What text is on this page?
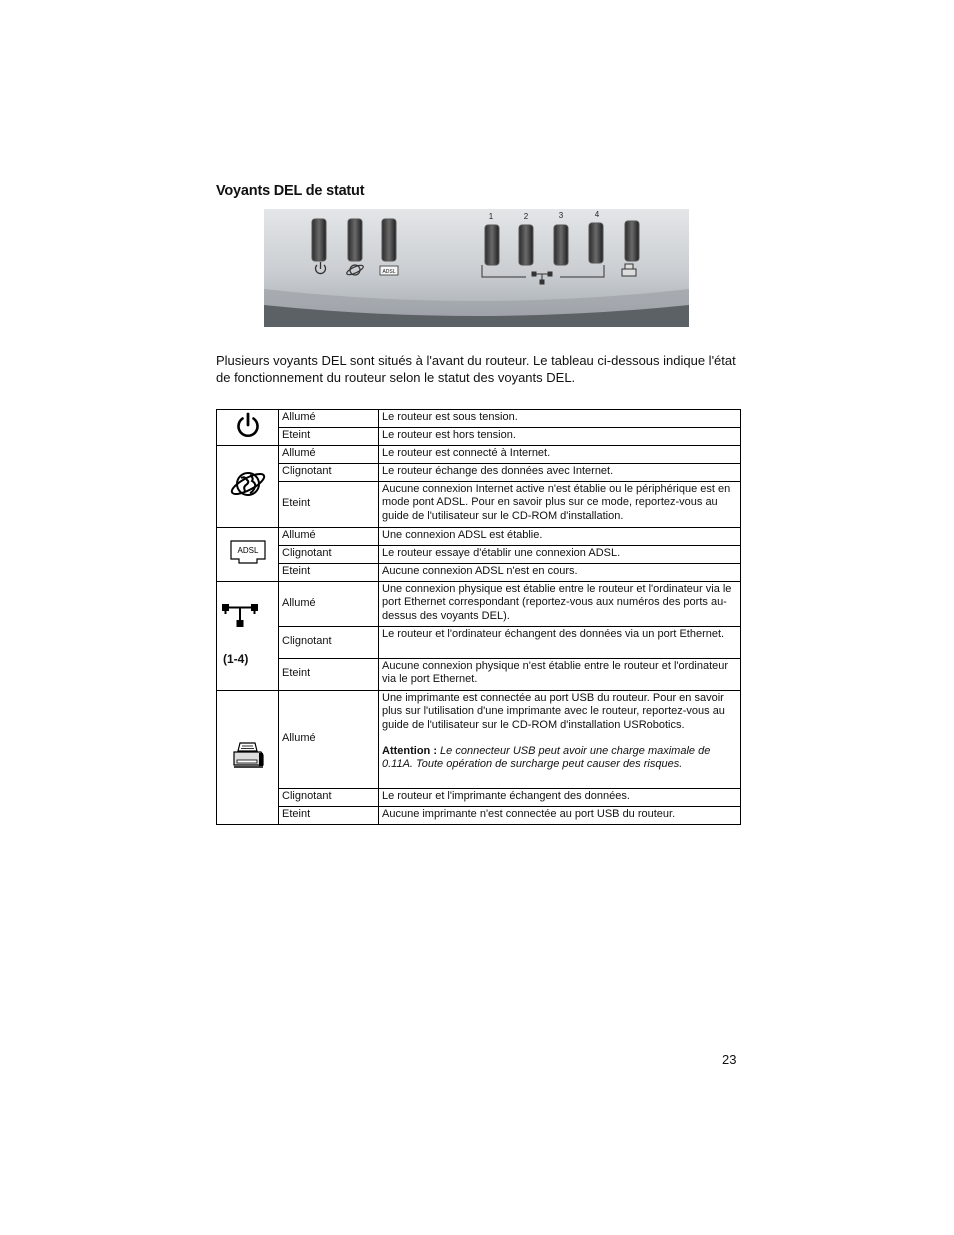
Voyants DEL de statut
1	2	3	4
ADSL
Plusieurs voyants DEL sont situés à l'avant du routeur. Le tableau ci-dessous indique l'état de fonctionnement du routeur selon le statut des voyants DEL.
	Allumé	Le routeur est sous tension.
	Eteint	Le routeur est hors tension.
	Allumé	Le routeur est connecté à Internet.
	Clignotant	Le routeur échange des données avec Internet.
	Eteint	Aucune connexion Internet active n'est établie ou le périphérique est en mode pont ADSL. Pour en savoir plus sur ce mode, reportez-vous au guide de l'utilisateur sur le CD-ROM d'installation.

ADSL	Allumé	Une connexion ADSL est établie.
	Clignotant	Le routeur essaye d'établir une connexion ADSL.
	Eteint	Aucune connexion ADSL n'est en cours.

(1-4)	Allumé	Une connexion physique est établie entre le routeur et l'ordinateur via le port Ethernet correspondant (reportez-vous aux numéros des ports au-dessus des voyants DEL).
	Clignotant	Le routeur et l'ordinateur échangent des données via un port Ethernet.
	Eteint	Aucune connexion physique n'est établie entre le routeur et l'ordinateur via le port Ethernet.
	Allumé	Une imprimante est connectée au port USB du routeur. Pour en savoir plus sur l'utilisation d'une imprimante avec le routeur, reportez-vous au guide de l'utilisateur sur le CD-ROM d'installation USRobotics.
Attention : Le connecteur USB peut avoir une charge maximale de 0.11A. Toute opération de surcharge peut causer des risques.

	Clignotant	Le routeur et l'imprimante échangent des données.
	Eteint	Aucune imprimante n'est connectée au port USB du routeur.
23
